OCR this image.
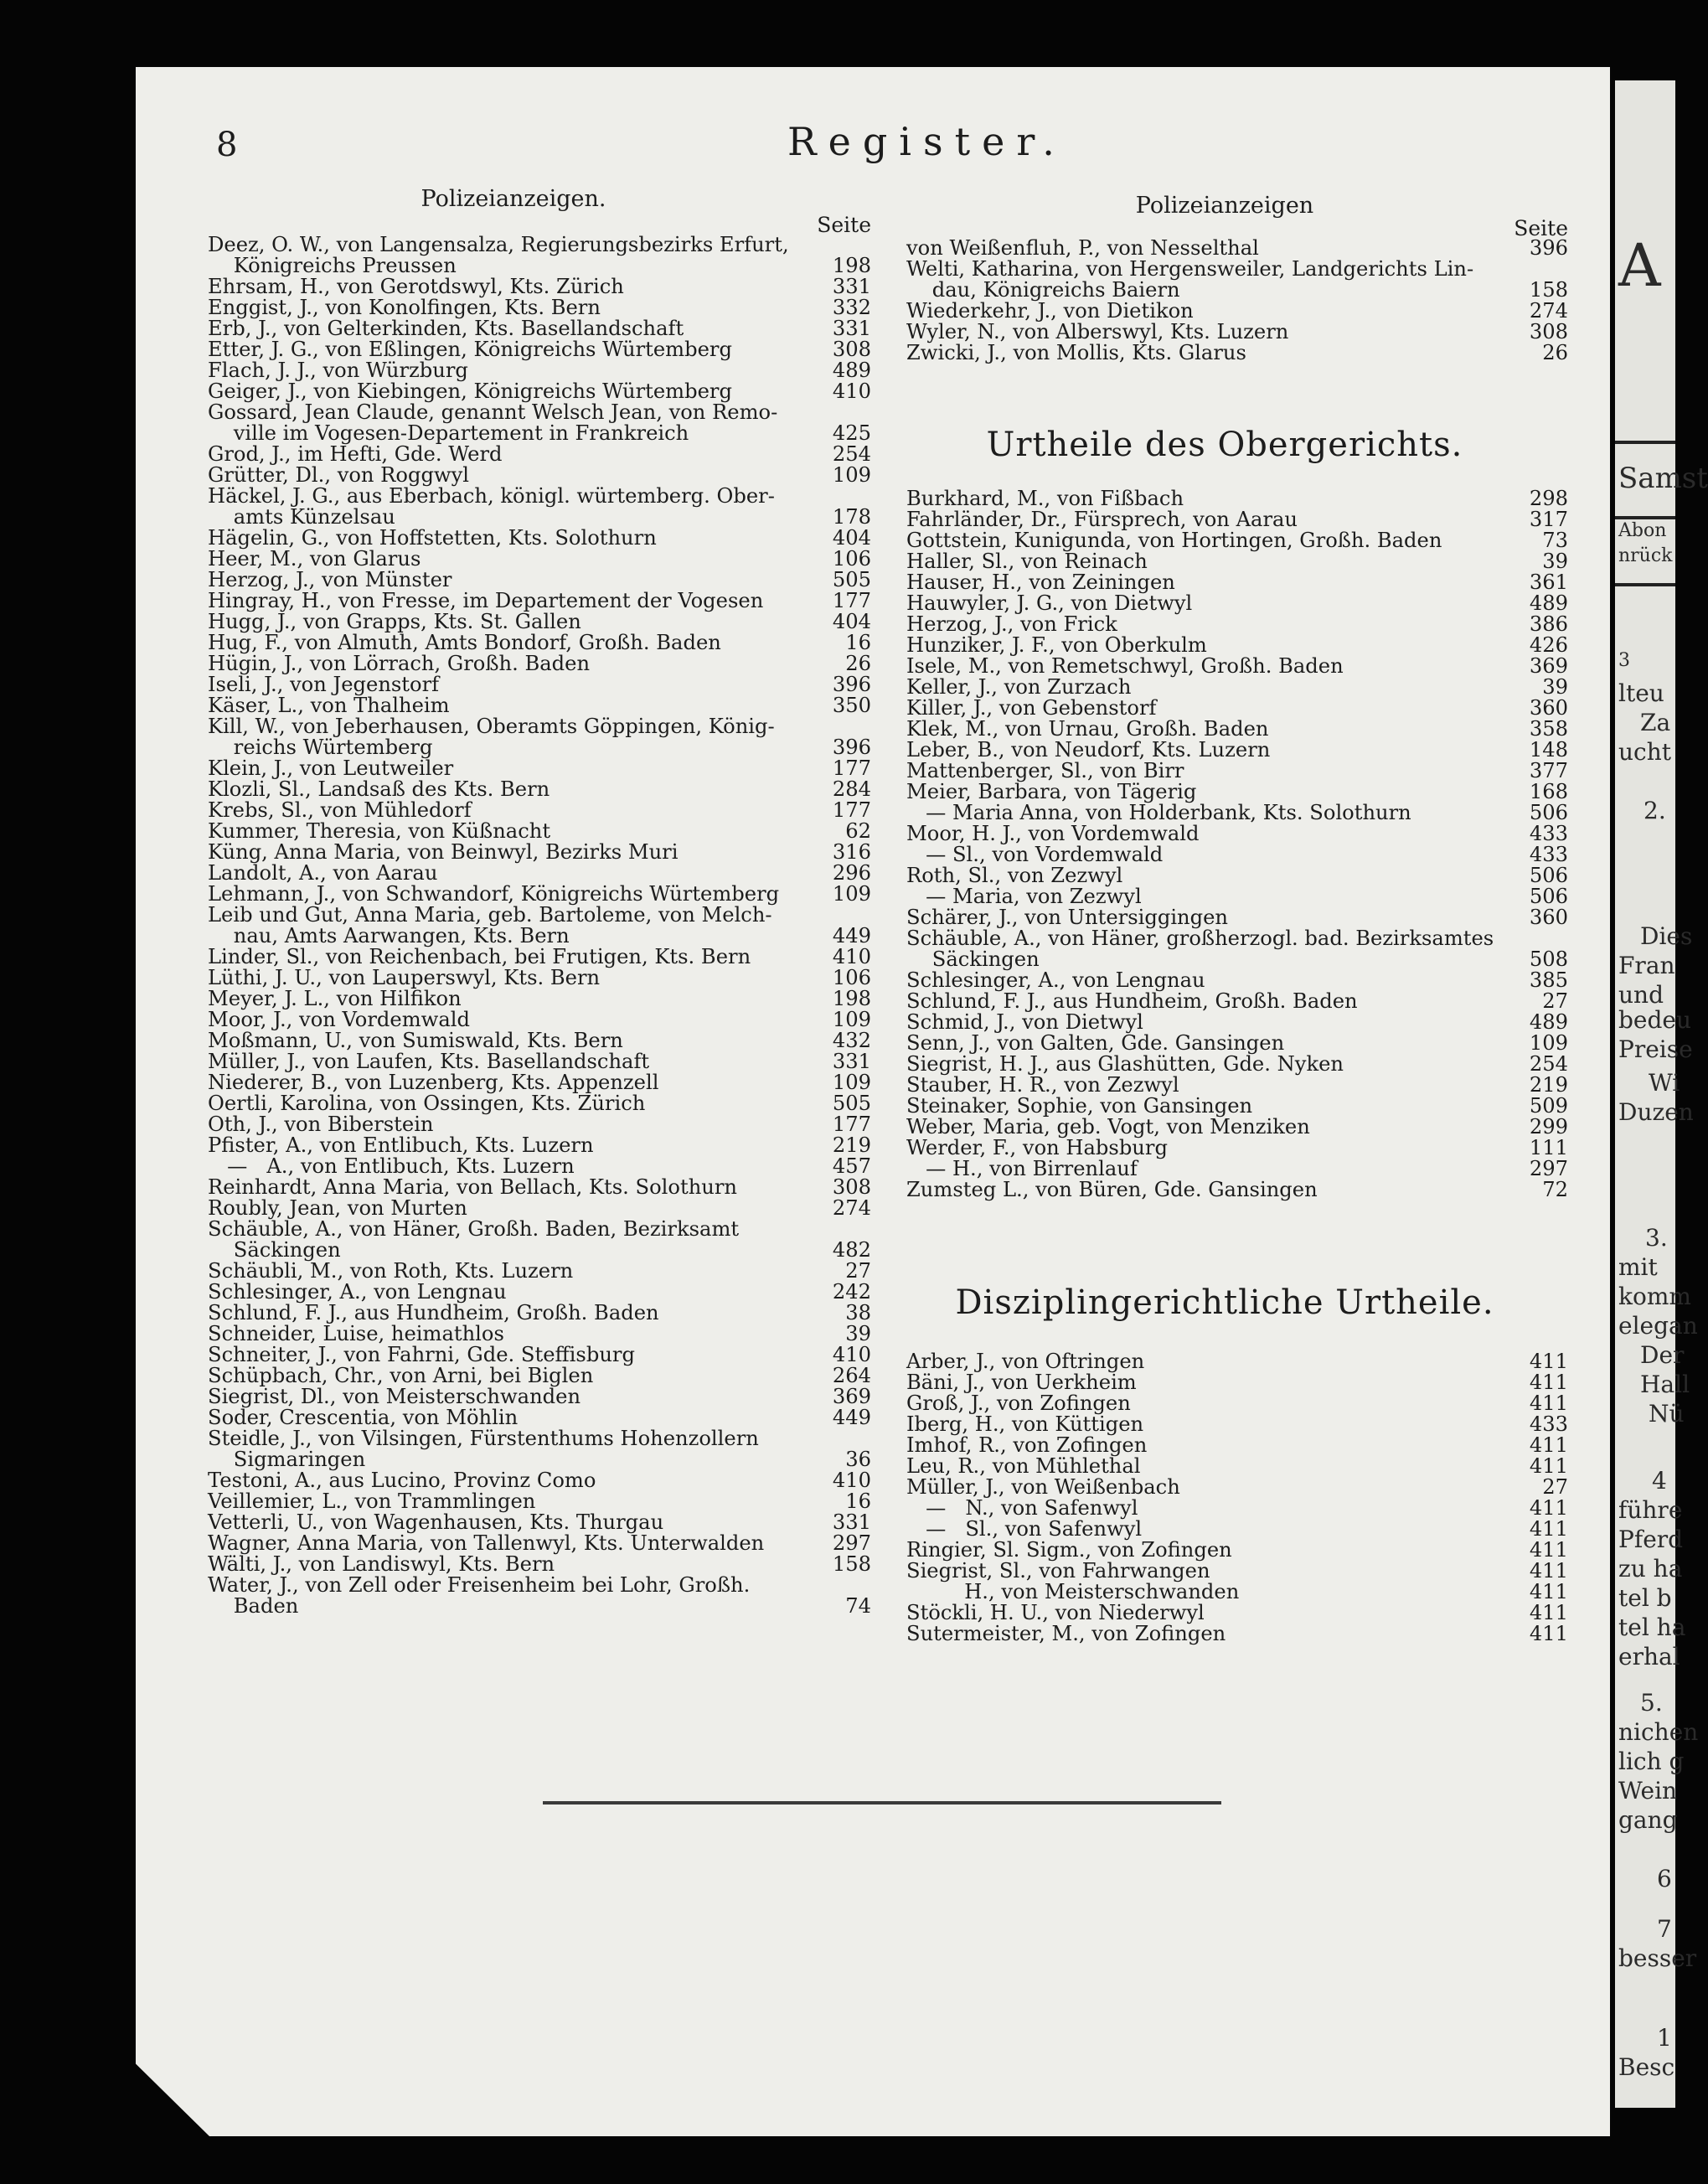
A
Samst
Abon
nrück
3
lteu
Za
ucht
2.
Dies
Fran
und
bedeu
Preise
Wi
Duzen
3.
mit
komm
elegan
Der
Hall
Nü
4
führe
Pferd
zu ha
tel b
tel ha
erhal
5.
nichen
lich g
Wein
gang
6
7
besser
1
Besc
8	Register.
Polizeianzeigen.
Seite
Deez, O. W., von Langensalza, Regierungsbezirks Erfurt,
Königreichs Preussen	198
Ehrsam, H., von Gerotdswyl, Kts. Zürich	331
Enggist, J., von Konolfingen, Kts. Bern	332
Erb, J., von Gelterkinden, Kts. Basellandschaft	331
Etter, J. G., von Eßlingen, Königreichs Würtemberg	308
Flach, J. J., von Würzburg	489
Geiger, J., von Kiebingen, Königreichs Würtemberg	410
Gossard, Jean Claude, genannt Welsch Jean, von Remo-
ville im Vogesen-Departement in Frankreich	425
Grod, J., im Hefti, Gde. Werd	254
Grütter, Dl., von Roggwyl	109
Häckel, J. G., aus Eberbach, königl. würtemberg. Ober-
amts Künzelsau	178
Hägelin, G., von Hoffstetten, Kts. Solothurn	404
Heer, M., von Glarus	106
Herzog, J., von Münster	505
Hingray, H., von Fresse, im Departement der Vogesen	177
Hugg, J., von Grapps, Kts. St. Gallen	404
Hug, F., von Almuth, Amts Bondorf, Großh. Baden	16
Hügin, J., von Lörrach, Großh. Baden	26
Iseli, J., von Jegenstorf	396
Käser, L., von Thalheim	350
Kill, W., von Jeberhausen, Oberamts Göppingen, König-
reichs Würtemberg	396
Klein, J., von Leutweiler	177
Klozli, Sl., Landsaß des Kts. Bern	284
Krebs, Sl., von Mühledorf	177
Kummer, Theresia, von Küßnacht	62
Küng, Anna Maria, von Beinwyl, Bezirks Muri	316
Landolt, A., von Aarau	296
Lehmann, J., von Schwandorf, Königreichs Würtemberg	109
Leib und Gut, Anna Maria, geb. Bartoleme, von Melch-
nau, Amts Aarwangen, Kts. Bern	449
Linder, Sl., von Reichenbach, bei Frutigen, Kts. Bern	410
Lüthi, J. U., von Lauperswyl, Kts. Bern	106
Meyer, J. L., von Hilfikon	198
Moor, J., von Vordemwald	109
Moßmann, U., von Sumiswald, Kts. Bern	432
Müller, J., von Laufen, Kts. Basellandschaft	331
Niederer, B., von Luzenberg, Kts. Appenzell	109
Oertli, Karolina, von Ossingen, Kts. Zürich	505
Oth, J., von Biberstein	177
Pfister, A., von Entlibuch, Kts. Luzern	219
—   A., von Entlibuch, Kts. Luzern	457
Reinhardt, Anna Maria, von Bellach, Kts. Solothurn	308
Roubly, Jean, von Murten	274
Schäuble, A., von Häner, Großh. Baden, Bezirksamt
Säckingen	482
Schäubli, M., von Roth, Kts. Luzern	27
Schlesinger, A., von Lengnau	242
Schlund, F. J., aus Hundheim, Großh. Baden	38
Schneider, Luise, heimathlos	39
Schneiter, J., von Fahrni, Gde. Steffisburg	410
Schüpbach, Chr., von Arni, bei Biglen	264
Siegrist, Dl., von Meisterschwanden	369
Soder, Crescentia, von Möhlin	449
Steidle, J., von Vilsingen, Fürstenthums Hohenzollern
Sigmaringen	36
Testoni, A., aus Lucino, Provinz Como	410
Veillemier, L., von Trammlingen	16
Vetterli, U., von Wagenhausen, Kts. Thurgau	331
Wagner, Anna Maria, von Tallenwyl, Kts. Unterwalden	297
Wälti, J., von Landiswyl, Kts. Bern	158
Water, J., von Zell oder Freisenheim bei Lohr, Großh.
Baden	74
Polizeianzeigen
Seite
von Weißenfluh, P., von Nesselthal	396
Welti, Katharina, von Hergensweiler, Landgerichts Lin-
dau, Königreichs Baiern	158
Wiederkehr, J., von Dietikon	274
Wyler, N., von Alberswyl, Kts. Luzern	308
Zwicki, J., von Mollis, Kts. Glarus	26
Urtheile des Obergerichts.
Burkhard, M., von Fißbach	298
Fahrländer, Dr., Fürsprech, von Aarau	317
Gottstein, Kunigunda, von Hortingen, Großh. Baden	73
Haller, Sl., von Reinach	39
Hauser, H., von Zeiningen	361
Hauwyler, J. G., von Dietwyl	489
Herzog, J., von Frick	386
Hunziker, J. F., von Oberkulm	426
Isele, M., von Remetschwyl, Großh. Baden	369
Keller, J., von Zurzach	39
Killer, J., von Gebenstorf	360
Klek, M., von Urnau, Großh. Baden	358
Leber, B., von Neudorf, Kts. Luzern	148
Mattenberger, Sl., von Birr	377
Meier, Barbara, von Tägerig	168
— Maria Anna, von Holderbank, Kts. Solothurn	506
Moor, H. J., von Vordemwald	433
— Sl., von Vordemwald	433
Roth, Sl., von Zezwyl	506
— Maria, von Zezwyl	506
Schärer, J., von Untersiggingen	360
Schäuble, A., von Häner, großherzogl. bad. Bezirksamtes
Säckingen	508
Schlesinger, A., von Lengnau	385
Schlund, F. J., aus Hundheim, Großh. Baden	27
Schmid, J., von Dietwyl	489
Senn, J., von Galten, Gde. Gansingen	109
Siegrist, H. J., aus Glashütten, Gde. Nyken	254
Stauber, H. R., von Zezwyl	219
Steinaker, Sophie, von Gansingen	509
Weber, Maria, geb. Vogt, von Menziken	299
Werder, F., von Habsburg	111
— H., von Birrenlauf	297
Zumsteg L., von Büren, Gde. Gansingen	72
Disziplingerichtliche Urtheile.
Arber, J., von Oftringen	411
Bäni, J., von Uerkheim	411
Groß, J., von Zofingen	411
Iberg, H., von Küttigen	433
Imhof, R., von Zofingen	411
Leu, R., von Mühlethal	411
Müller, J., von Weißenbach	27
—   N., von Safenwyl	411
—   Sl., von Safenwyl	411
Ringier, Sl. Sigm., von Zofingen	411
Siegrist, Sl., von Fahrwangen	411
H., von Meisterschwanden	411
Stöckli, H. U., von Niederwyl	411
Sutermeister, M., von Zofingen	411
